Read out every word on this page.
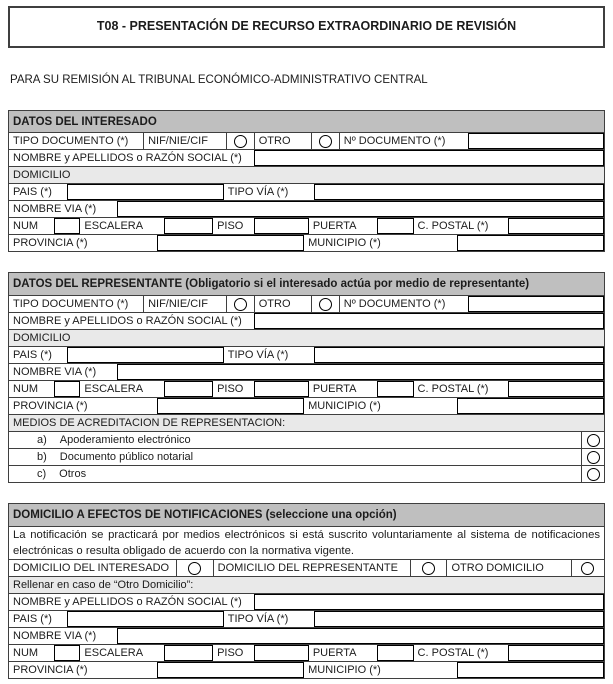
T08 - PRESENTACIÓN DE RECURSO EXTRAORDINARIO DE REVISIÓN
PARA SU REMISIÓN AL TRIBUNAL ECONÓMICO-ADMINISTRATIVO CENTRAL
DATOS DEL INTERESADO
TIPO DOCUMENTO (*)	NIF/NIE/CIF	OTRO	Nº DOCUMENTO (*)
NOMBRE y APELLIDOS o RAZÓN SOCIAL (*)
DOMICILIO
PAIS (*)	TIPO VÍA (*)
NOMBRE VIA (*)
NUM	ESCALERA	PISO	PUERTA	C. POSTAL (*)
PROVINCIA (*)	MUNICIPIO (*)
DATOS DEL REPRESENTANTE (Obligatorio si el interesado actúa por medio de representante)
TIPO DOCUMENTO (*)	NIF/NIE/CIF	OTRO	Nº DOCUMENTO (*)
NOMBRE y APELLIDOS o RAZÓN SOCIAL (*)
DOMICILIO
PAIS (*)	TIPO VÍA (*)
NOMBRE VIA (*)
NUM	ESCALERA	PISO	PUERTA	C. POSTAL (*)
PROVINCIA (*)	MUNICIPIO (*)
MEDIOS DE ACREDITACION DE REPRESENTACION:
a) Apoderamiento electrónico
b) Documento público notarial
c) Otros
DOMICILIO A EFECTOS DE NOTIFICACIONES (seleccione una opción)
La notificación se practicará por medios electrónicos si está suscrito voluntariamente al sistema de notificaciones electrónicas o resulta obligado de acuerdo con la normativa vigente.
DOMICILIO DEL INTERESADO	DOMICILIO DEL REPRESENTANTE	OTRO DOMICILIO
Rellenar en caso de “Otro Domicilio”:
NOMBRE y APELLIDOS o RAZÓN SOCIAL (*)
PAIS (*)	TIPO VÍA (*)
NOMBRE VIA (*)
NUM	ESCALERA	PISO	PUERTA	C. POSTAL (*)
PROVINCIA (*)	MUNICIPIO (*)
